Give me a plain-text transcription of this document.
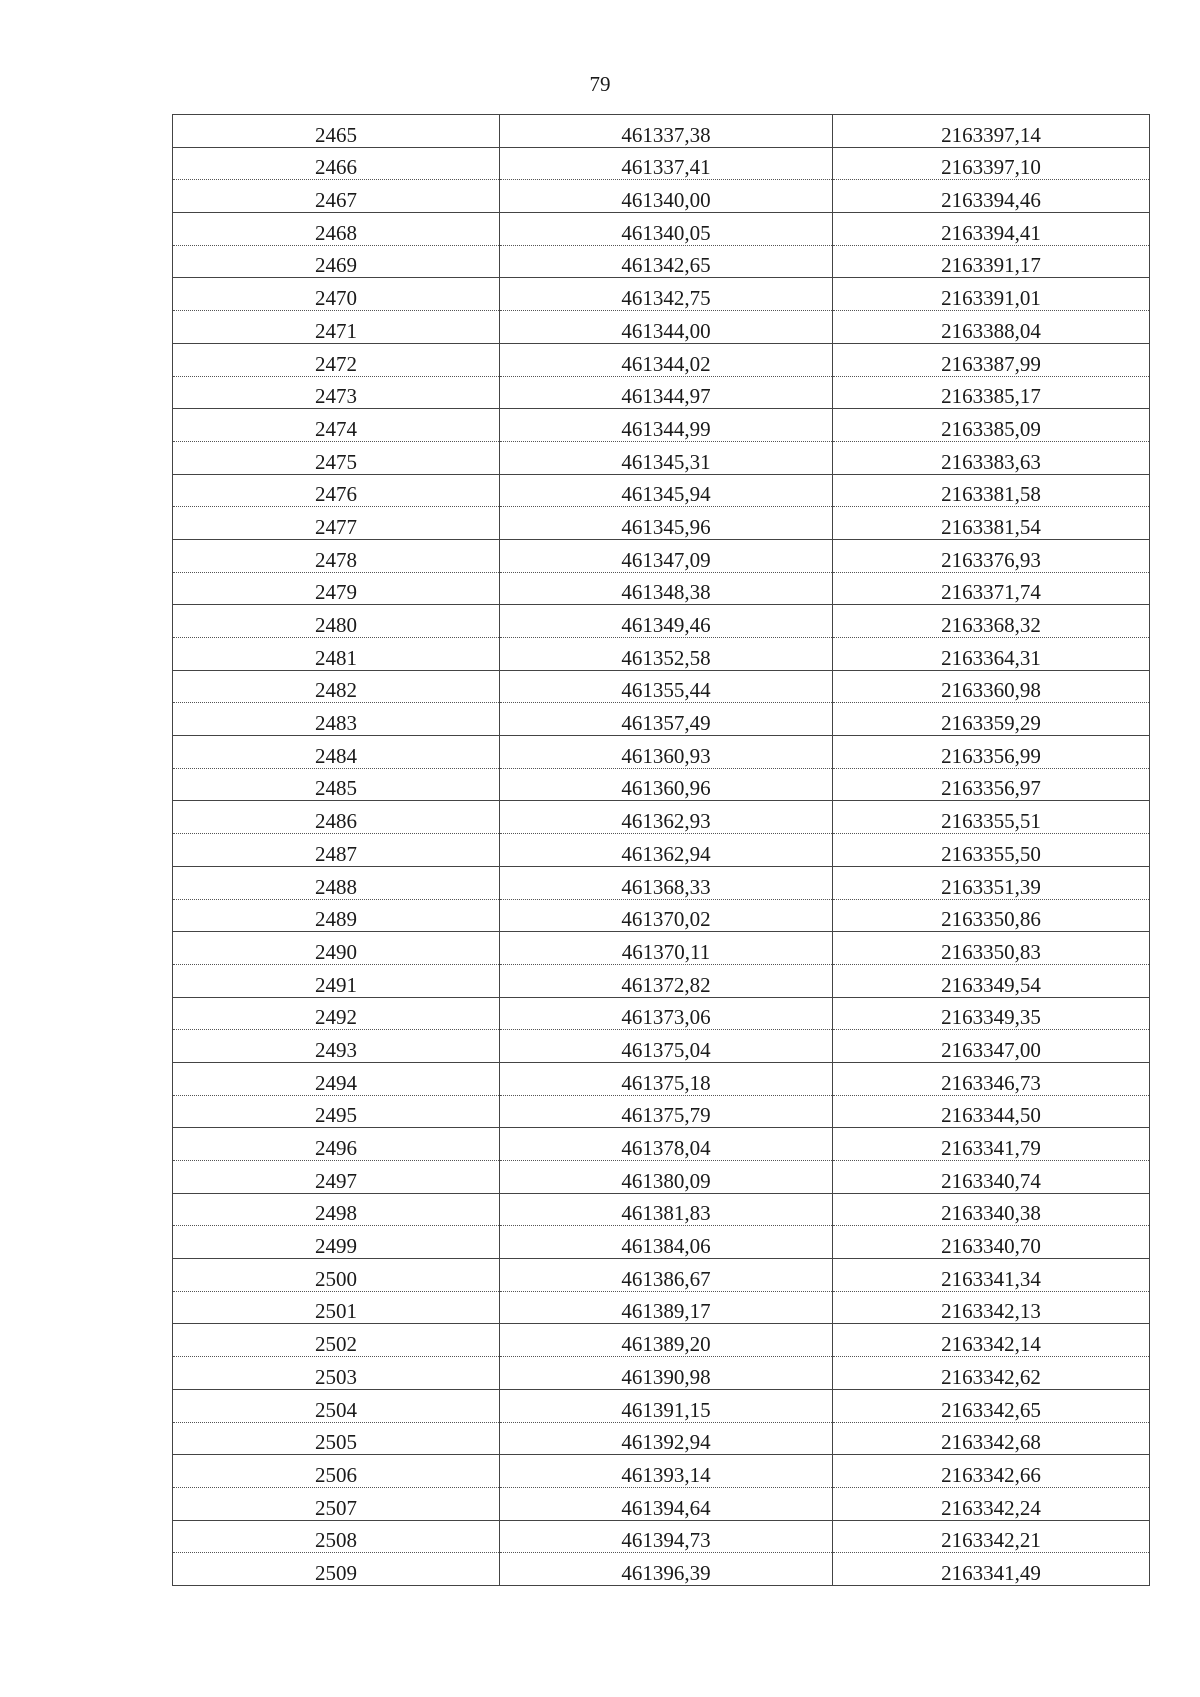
79
2465	461337,38	2163397,14
2466	461337,41	2163397,10
2467	461340,00	2163394,46
2468	461340,05	2163394,41
2469	461342,65	2163391,17
2470	461342,75	2163391,01
2471	461344,00	2163388,04
2472	461344,02	2163387,99
2473	461344,97	2163385,17
2474	461344,99	2163385,09
2475	461345,31	2163383,63
2476	461345,94	2163381,58
2477	461345,96	2163381,54
2478	461347,09	2163376,93
2479	461348,38	2163371,74
2480	461349,46	2163368,32
2481	461352,58	2163364,31
2482	461355,44	2163360,98
2483	461357,49	2163359,29
2484	461360,93	2163356,99
2485	461360,96	2163356,97
2486	461362,93	2163355,51
2487	461362,94	2163355,50
2488	461368,33	2163351,39
2489	461370,02	2163350,86
2490	461370,11	2163350,83
2491	461372,82	2163349,54
2492	461373,06	2163349,35
2493	461375,04	2163347,00
2494	461375,18	2163346,73
2495	461375,79	2163344,50
2496	461378,04	2163341,79
2497	461380,09	2163340,74
2498	461381,83	2163340,38
2499	461384,06	2163340,70
2500	461386,67	2163341,34
2501	461389,17	2163342,13
2502	461389,20	2163342,14
2503	461390,98	2163342,62
2504	461391,15	2163342,65
2505	461392,94	2163342,68
2506	461393,14	2163342,66
2507	461394,64	2163342,24
2508	461394,73	2163342,21
2509	461396,39	2163341,49
